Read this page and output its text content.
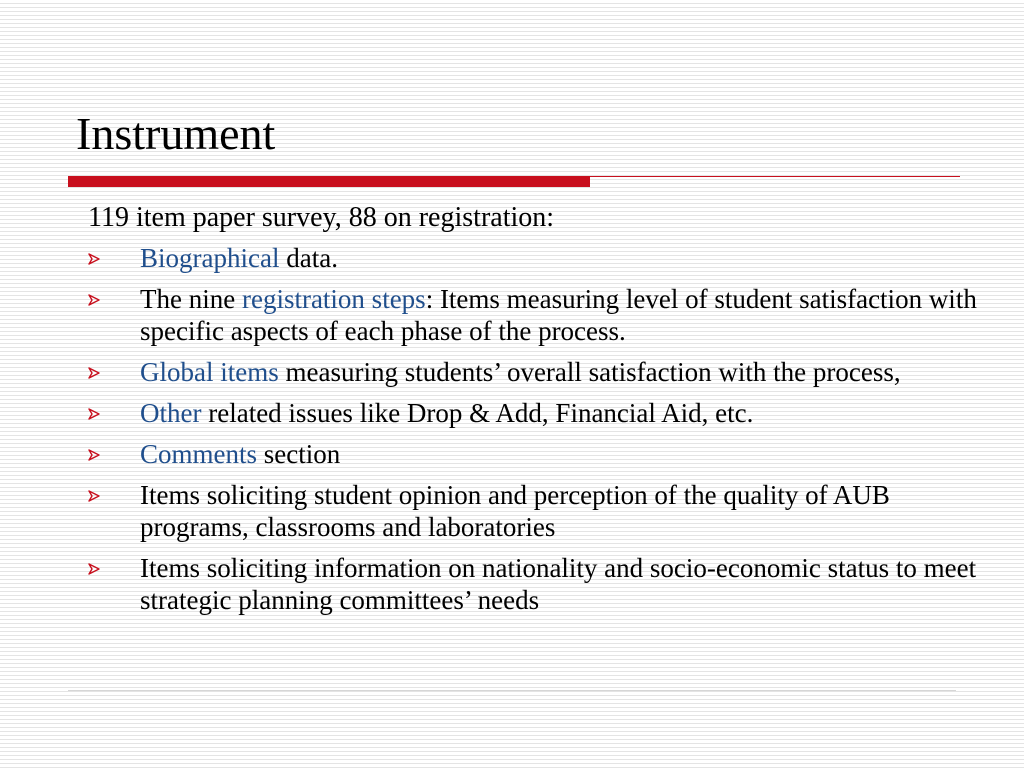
Instrument

119 item paper survey, 88 on registration:

Biographical data.
The nine registration steps: Items measuring level of student satisfaction with specific aspects of each phase of the process.
Global items measuring students’ overall satisfaction with the process,
Other related issues like Drop & Add, Financial Aid, etc.
Comments section
Items soliciting student opinion and perception of the quality of AUB programs, classrooms and laboratories
Items soliciting information on nationality and socio-economic status to meet strategic planning committees’ needs
